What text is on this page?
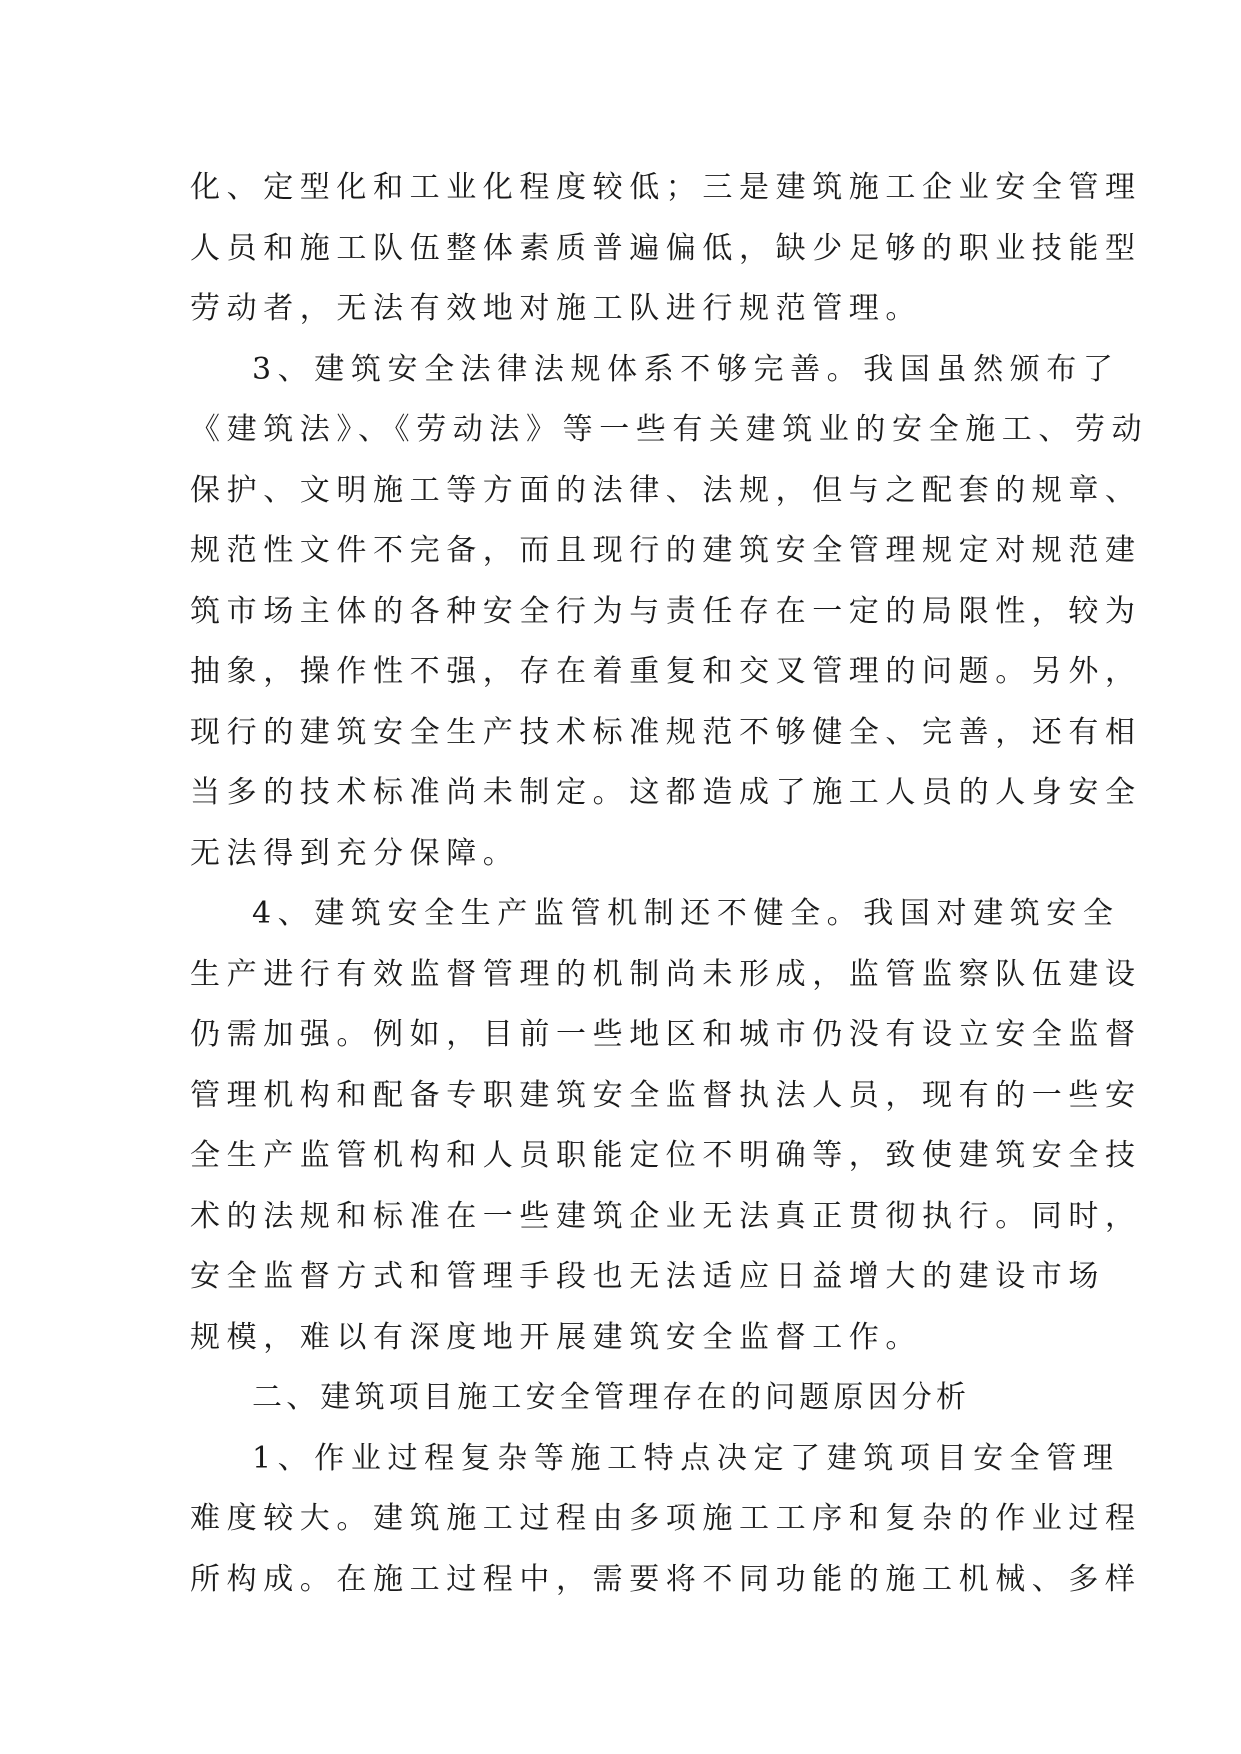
化、定型化和工业化程度较低；三是建筑施工企业安全管理
人员和施工队伍整体素质普遍偏低，缺少足够的职业技能型
劳动者，无法有效地对施工队进行规范管理。
3、建筑安全法律法规体系不够完善。我国虽然颁布了
《建筑法》、《劳动法》等一些有关建筑业的安全施工、劳动
保护、文明施工等方面的法律、法规，但与之配套的规章、
规范性文件不完备，而且现行的建筑安全管理规定对规范建
筑市场主体的各种安全行为与责任存在一定的局限性，较为
抽象，操作性不强，存在着重复和交叉管理的问题。另外，
现行的建筑安全生产技术标准规范不够健全、完善，还有相
当多的技术标准尚未制定。这都造成了施工人员的人身安全
无法得到充分保障。
4、建筑安全生产监管机制还不健全。我国对建筑安全
生产进行有效监督管理的机制尚未形成，监管监察队伍建设
仍需加强。例如，目前一些地区和城市仍没有设立安全监督
管理机构和配备专职建筑安全监督执法人员，现有的一些安
全生产监管机构和人员职能定位不明确等，致使建筑安全技
术的法规和标准在一些建筑企业无法真正贯彻执行。同时，
安全监督方式和管理手段也无法适应日益增大的建设市场
规模，难以有深度地开展建筑安全监督工作。
二、建筑项目施工安全管理存在的问题原因分析
1、作业过程复杂等施工特点决定了建筑项目安全管理
难度较大。建筑施工过程由多项施工工序和复杂的作业过程
所构成。在施工过程中，需要将不同功能的施工机械、多样
